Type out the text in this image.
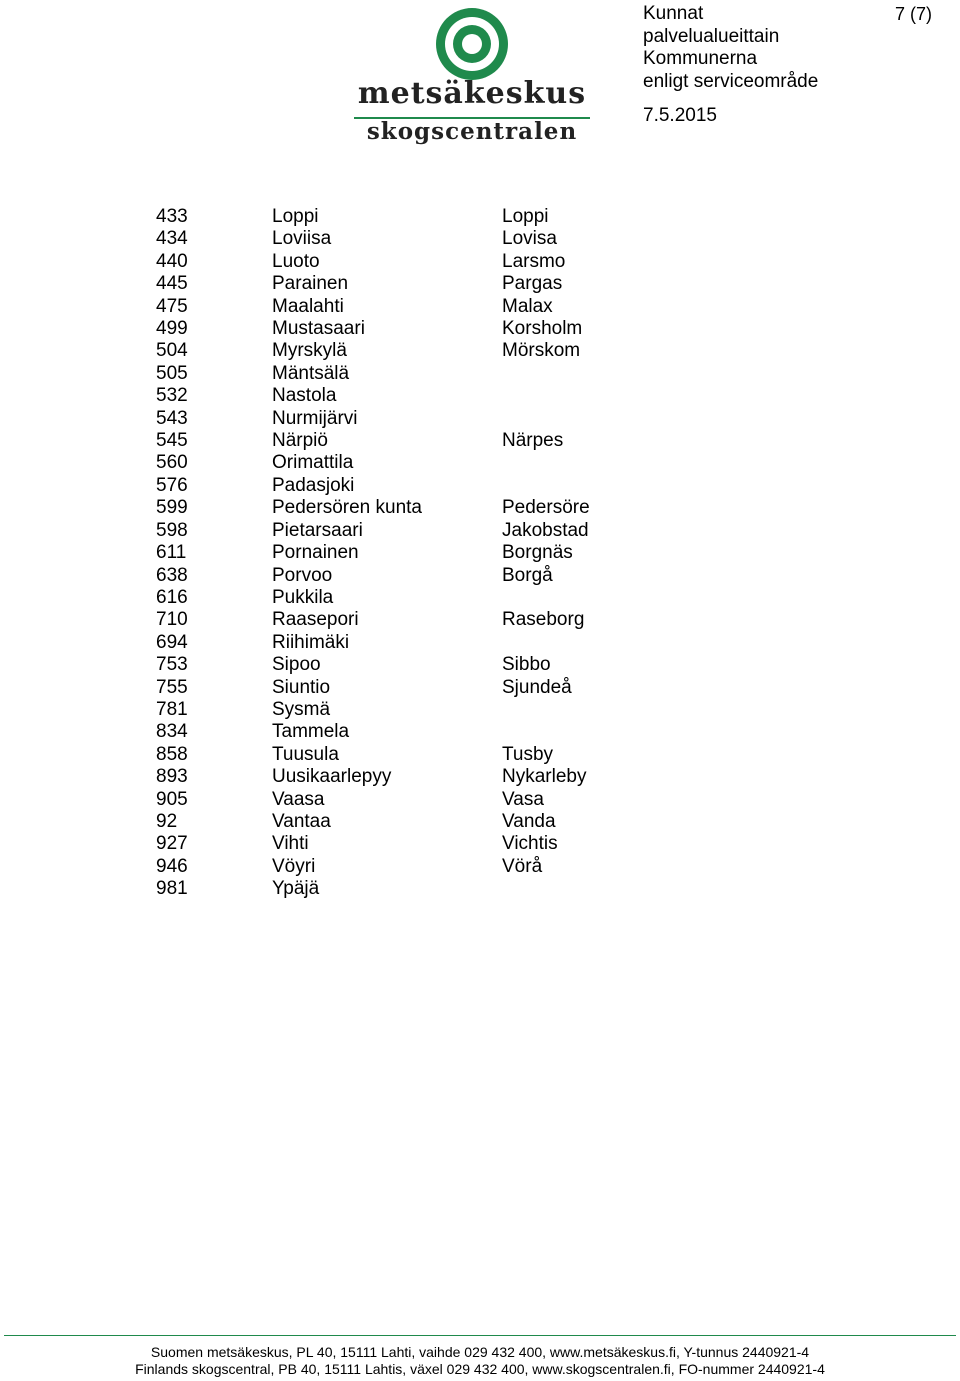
metsäkeskus
skogscentralen
Kunnat
palvelualueittain
Kommunerna
enligt serviceområde
7.5.2015
7 (7)
433	Loppi	Loppi
434	Loviisa	Lovisa
440	Luoto	Larsmo
445	Parainen	Pargas
475	Maalahti	Malax
499	Mustasaari	Korsholm
504	Myrskylä	Mörskom
505	Mäntsälä	
532	Nastola	
543	Nurmijärvi	
545	Närpiö	Närpes
560	Orimattila	
576	Padasjoki	
599	Pedersören kunta	Pedersöre
598	Pietarsaari	Jakobstad
611	Pornainen	Borgnäs
638	Porvoo	Borgå
616	Pukkila	
710	Raasepori	Raseborg
694	Riihimäki	
753	Sipoo	Sibbo
755	Siuntio	Sjundeå
781	Sysmä	
834	Tammela	
858	Tuusula	Tusby
893	Uusikaarlepyy	Nykarleby
905	Vaasa	Vasa
92	Vantaa	Vanda
927	Vihti	Vichtis
946	Vöyri	Vörå
981	Ypäjä	
Suomen metsäkeskus, PL 40, 15111 Lahti, vaihde 029 432 400, www.metsäkeskus.fi, Y-tunnus 2440921-4
Finlands skogscentral, PB 40, 15111 Lahtis, växel 029 432 400, www.skogscentralen.fi, FO-nummer 2440921-4
